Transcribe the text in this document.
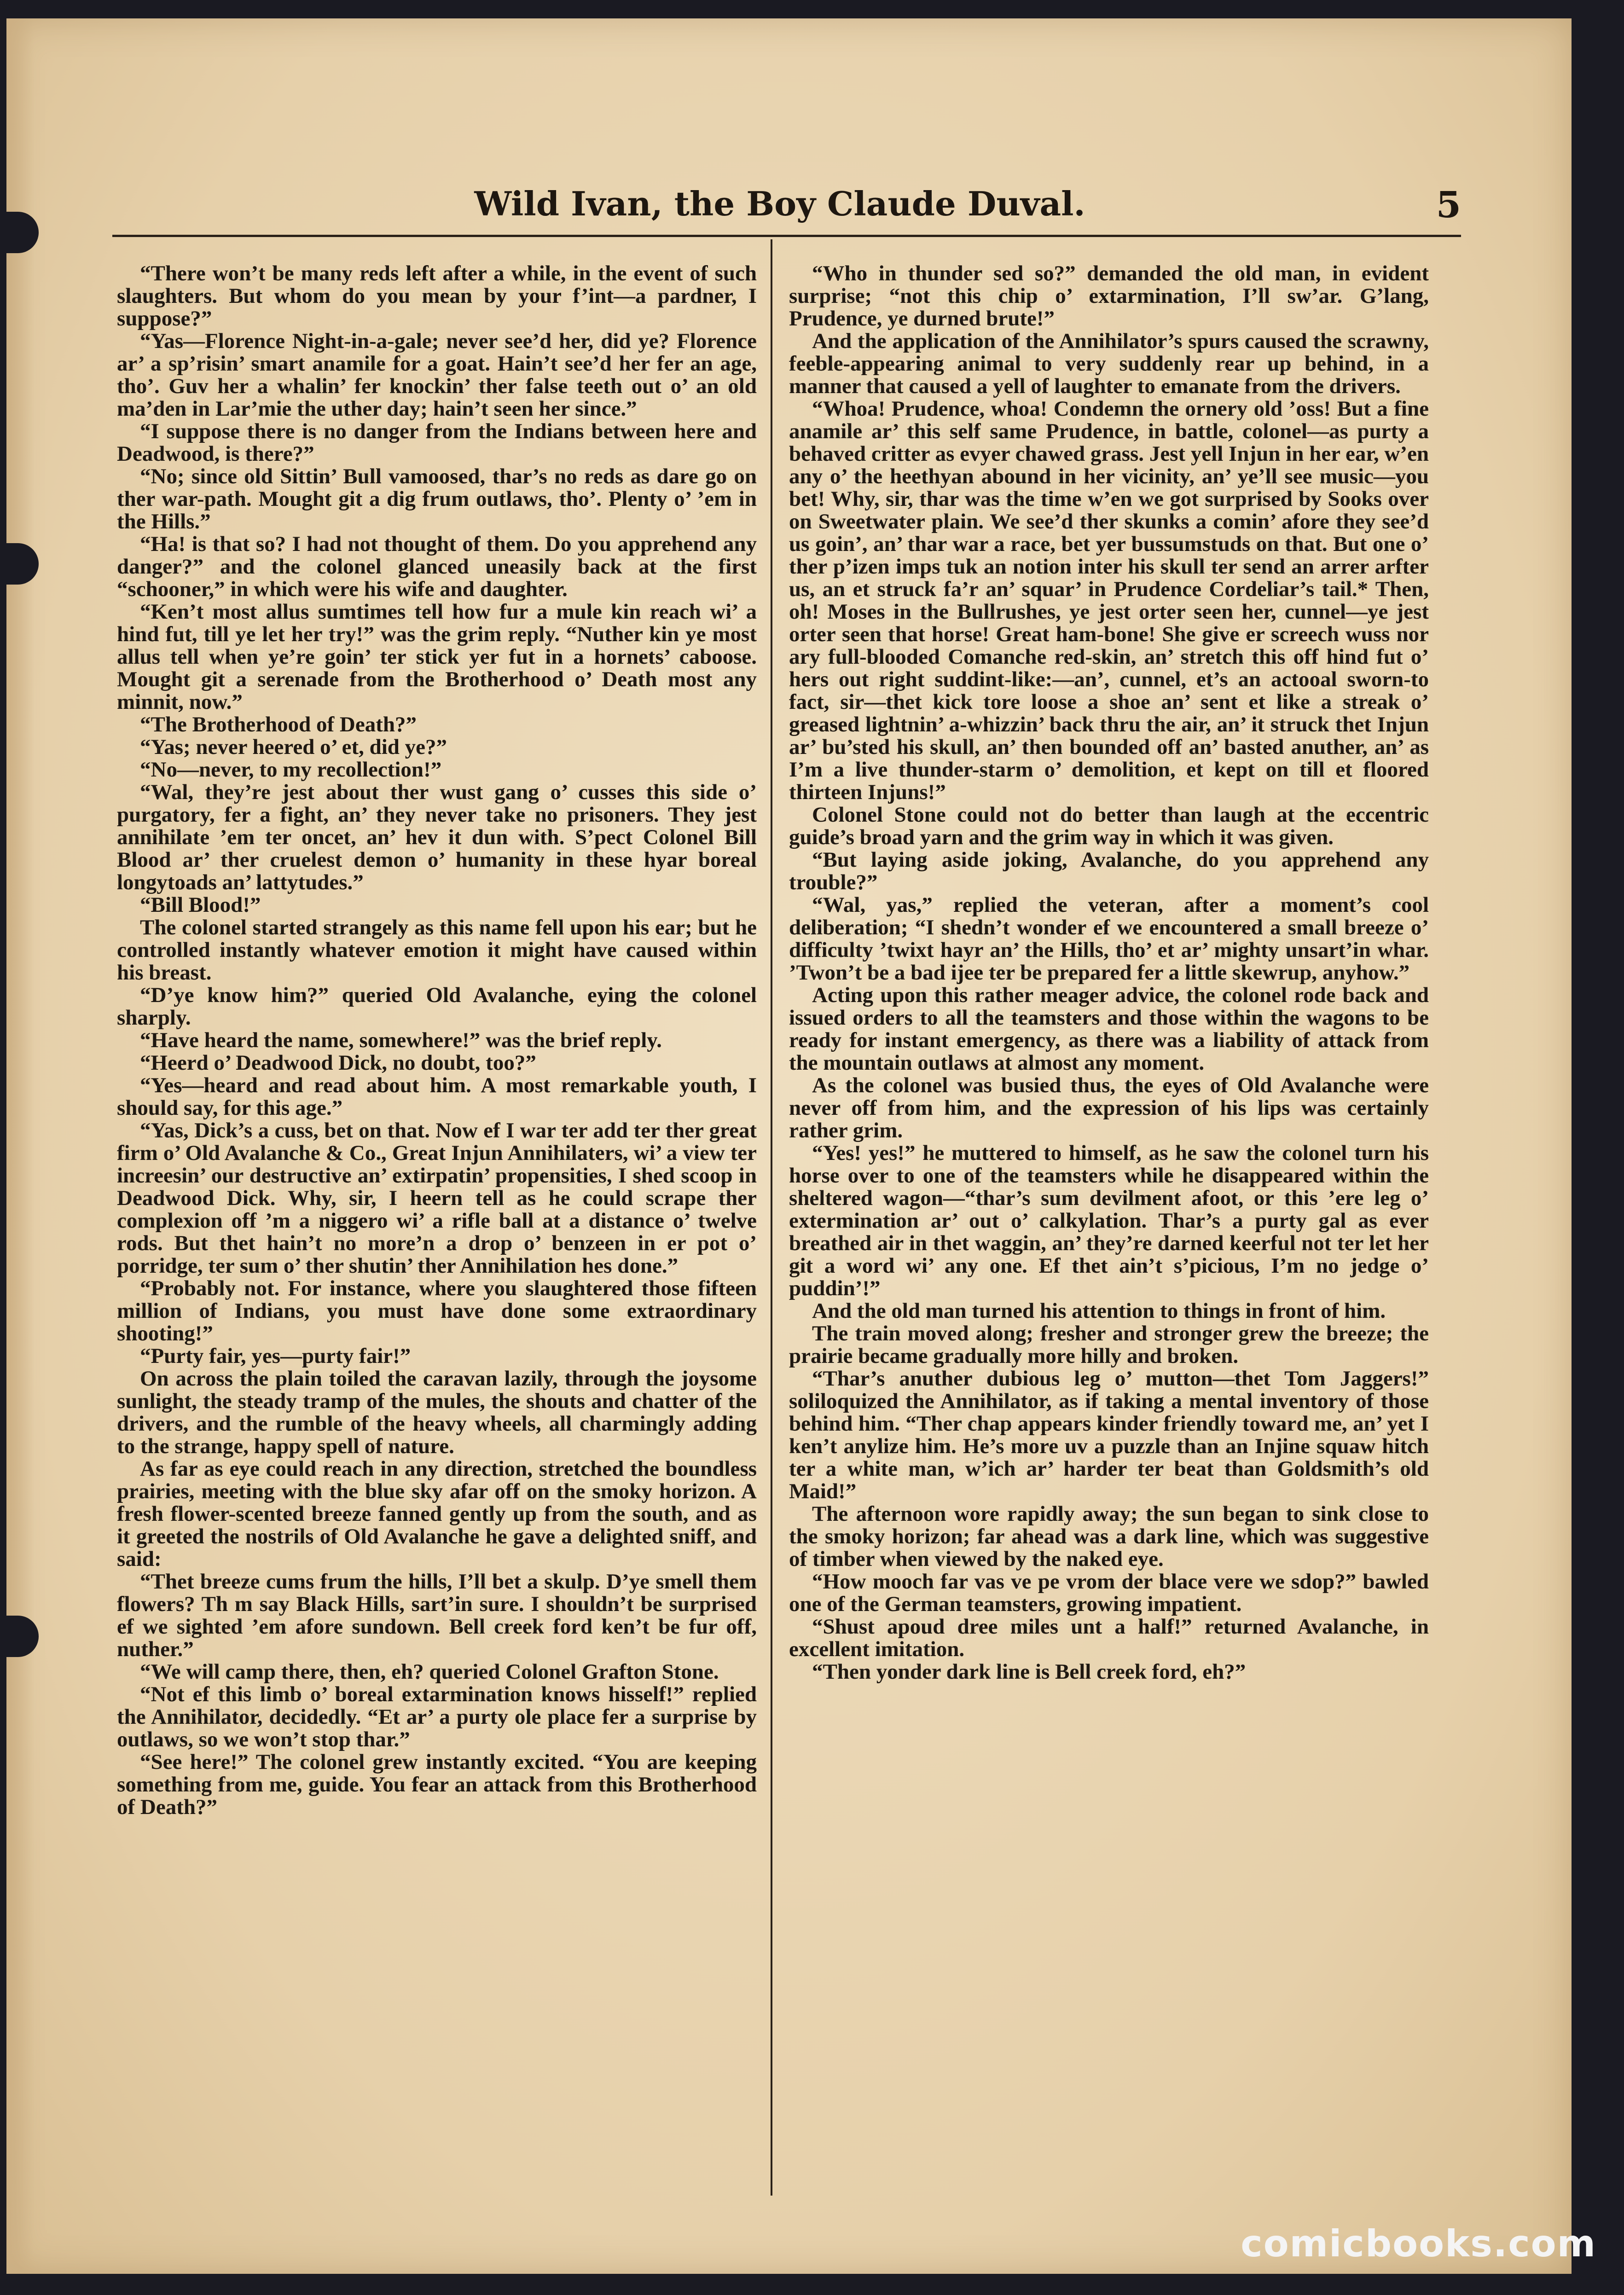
Wild Ivan, the Boy Claude Duval.	5

“There won’t be many reds left after a while, in the event of such slaughters. But whom do you mean by your f’int—a pardner, I suppose?”

“Yas—Florence Night-in-a-gale; never see’d her, did ye? Florence ar’ a sp’risin’ smart anamile for a goat. Hain’t see’d her fer an age, tho’. Guv her a whalin’ fer knockin’ ther false teeth out o’ an old ma’den in Lar’mie the uther day; hain’t seen her since.”

“I suppose there is no danger from the Indians between here and Deadwood, is there?”

“No; since old Sittin’ Bull vamoosed, thar’s no reds as dare go on ther war-path. Mought git a dig frum outlaws, tho’. Plenty o’ ’em in the Hills.”

“Ha! is that so? I had not thought of them. Do you apprehend any danger?” and the colonel glanced uneasily back at the first “schooner,” in which were his wife and daughter.

“Ken’t most allus sumtimes tell how fur a mule kin reach wi’ a hind fut, till ye let her try!” was the grim reply. “Nuther kin ye most allus tell when ye’re goin’ ter stick yer fut in a hornets’ caboose. Mought git a serenade from the Brotherhood o’ Death most any minnit, now.”

“The Brotherhood of Death?”

“Yas; never heered o’ et, did ye?”

“No—never, to my recollection!”

“Wal, they’re jest about ther wust gang o’ cusses this side o’ purgatory, fer a fight, an’ they never take no prisoners. They jest annihilate ’em ter oncet, an’ hev it dun with. S’pect Colonel Bill Blood ar’ ther cruelest demon o’ humanity in these hyar boreal longytoads an’ lattytudes.”

“Bill Blood!”

The colonel started strangely as this name fell upon his ear; but he controlled instantly whatever emotion it might have caused within his breast.

“D’ye know him?” queried Old Avalanche, eying the colonel sharply.

“Have heard the name, somewhere!” was the brief reply.

“Heerd o’ Deadwood Dick, no doubt, too?”

“Yes—heard and read about him. A most remarkable youth, I should say, for this age.”

“Yas, Dick’s a cuss, bet on that. Now ef I war ter add ter ther great firm o’ Old Avalanche & Co., Great Injun Annihilaters, wi’ a view ter increesin’ our destructive an’ extirpatin’ propensities, I shed scoop in Deadwood Dick. Why, sir, I heern tell as he could scrape ther complexion off ’m a niggero wi’ a rifle ball at a distance o’ twelve rods. But thet hain’t no more’n a drop o’ benzeen in er pot o’ porridge, ter sum o’ ther shutin’ ther Annihilation hes done.”

“Probably not. For instance, where you slaughtered those fifteen million of Indians, you must have done some extraordinary shooting!”

“Purty fair, yes—purty fair!”

On across the plain toiled the caravan lazily, through the joysome sunlight, the steady tramp of the mules, the shouts and chatter of the drivers, and the rumble of the heavy wheels, all charmingly adding to the strange, happy spell of nature.

As far as eye could reach in any direction, stretched the boundless prairies, meeting with the blue sky afar off on the smoky horizon. A fresh flower-scented breeze fanned gently up from the south, and as it greeted the nostrils of Old Avalanche he gave a delighted sniff, and said:

“Thet breeze cums frum the hills, I’ll bet a skulp. D’ye smell them flowers? Th m say Black Hills, sart’in sure. I shouldn’t be surprised ef we sighted ’em afore sundown. Bell creek ford ken’t be fur off, nuther.”

“We will camp there, then, eh? queried Colonel Grafton Stone.

“Not ef this limb o’ boreal extarmination knows hisself!” replied the Annihilator, decidedly. “Et ar’ a purty ole place fer a surprise by outlaws, so we won’t stop thar.”

“See here!” The colonel grew instantly excited. “You are keeping something from me, guide. You fear an attack from this Brotherhood of Death?”

“Who in thunder sed so?” demanded the old man, in evident surprise; “not this chip o’ extarmination, I’ll sw’ar. G’lang, Prudence, ye durned brute!”

And the application of the Annihilator’s spurs caused the scrawny, feeble-appearing animal to very suddenly rear up behind, in a manner that caused a yell of laughter to emanate from the drivers.

“Whoa! Prudence, whoa! Condemn the ornery old ’oss! But a fine anamile ar’ this self same Prudence, in battle, colonel—as purty a behaved critter as evyer chawed grass. Jest yell Injun in her ear, w’en any o’ the heethyan abound in her vicinity, an’ ye’ll see music—you bet! Why, sir, thar was the time w’en we got surprised by Sooks over on Sweetwater plain. We see’d ther skunks a comin’ afore they see’d us goin’, an’ thar war a race, bet yer bussumstuds on that. But one o’ ther p’izen imps tuk an notion inter his skull ter send an arrer arfter us, an et struck fa’r an’ squar’ in Prudence Cordeliar’s tail.* Then, oh! Moses in the Bullrushes, ye jest orter seen her, cunnel—ye jest orter seen that horse! Great ham-bone! She give er screech wuss nor ary full-blooded Comanche red-skin, an’ stretch this off hind fut o’ hers out right suddint-like:—an’, cunnel, et’s an actooal sworn-to fact, sir—thet kick tore loose a shoe an’ sent et like a streak o’ greased lightnin’ a-whizzin’ back thru the air, an’ it struck thet Injun ar’ bu’sted his skull, an’ then bounded off an’ basted anuther, an’ as I’m a live thunder-starm o’ demolition, et kept on till et floored thirteen Injuns!”

Colonel Stone could not do better than laugh at the eccentric guide’s broad yarn and the grim way in which it was given.

“But laying aside joking, Avalanche, do you apprehend any trouble?”

“Wal, yas,” replied the veteran, after a moment’s cool deliberation; “I shedn’t wonder ef we encountered a small breeze o’ difficulty ’twixt hayr an’ the Hills, tho’ et ar’ mighty unsart’in whar. ’Twon’t be a bad ijee ter be prepared fer a little skewrup, anyhow.”

Acting upon this rather meager advice, the colonel rode back and issued orders to all the teamsters and those within the wagons to be ready for instant emergency, as there was a liability of attack from the mountain outlaws at almost any moment.

As the colonel was busied thus, the eyes of Old Avalanche were never off from him, and the expression of his lips was certainly rather grim.

“Yes! yes!” he muttered to himself, as he saw the colonel turn his horse over to one of the teamsters while he disappeared within the sheltered wagon—“thar’s sum devilment afoot, or this ’ere leg o’ extermination ar’ out o’ calkylation. Thar’s a purty gal as ever breathed air in thet waggin, an’ they’re darned keerful not ter let her git a word wi’ any one. Ef thet ain’t s’picious, I’m no jedge o’ puddin’!”

And the old man turned his attention to things in front of him.

The train moved along; fresher and stronger grew the breeze; the prairie became gradually more hilly and broken.

“Thar’s anuther dubious leg o’ mutton—thet Tom Jaggers!” soliloquized the Annihilator, as if taking a mental inventory of those behind him. “Ther chap appears kinder friendly toward me, an’ yet I ken’t anylize him. He’s more uv a puzzle than an Injine squaw hitch ter a white man, w’ich ar’ harder ter beat than Goldsmith’s old Maid!”

The afternoon wore rapidly away; the sun began to sink close to the smoky horizon; far ahead was a dark line, which was suggestive of timber when viewed by the naked eye.

“How mooch far vas ve pe vrom der blace vere we sdop?” bawled one of the German teamsters, growing impatient.

“Shust apoud dree miles unt a half!” returned Avalanche, in excellent imitation.

“Then yonder dark line is Bell creek ford, eh?”

comicbooks.com
